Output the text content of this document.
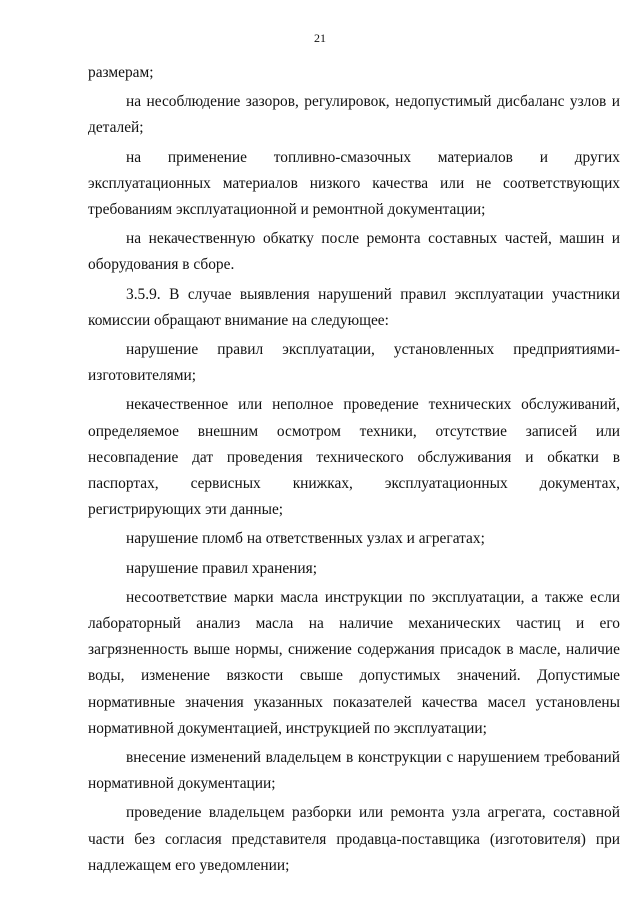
21

размерам;

на несоблюдение зазоров, регулировок, недопустимый дисбаланс узлов и деталей;

на применение топливно-смазочных материалов и других эксплуатационных материалов низкого качества или не соответствующих требованиям эксплуатационной и ремонтной документации;

на некачественную обкатку после ремонта составных частей, машин и оборудования в сборе.

3.5.9. В случае выявления нарушений правил эксплуатации участники комиссии обращают внимание на следующее:

нарушение правил эксплуатации, установленных предприятиями-изготовителями;

некачественное или неполное проведение технических обслуживаний, определяемое внешним осмотром техники, отсутствие записей или несовпадение дат проведения технического обслуживания и обкатки в паспортах, сервисных книжках, эксплуатационных документах, регистрирующих эти данные;

нарушение пломб на ответственных узлах и агрегатах;

нарушение правил хранения;

несоответствие марки масла инструкции по эксплуатации, а также если лабораторный анализ масла на наличие механических частиц и его загрязненность выше нормы, снижение содержания присадок в масле, наличие воды, изменение вязкости свыше допустимых значений. Допустимые нормативные значения указанных показателей качества масел установлены нормативной документацией, инструкцией по эксплуатации;

внесение изменений владельцем в конструкции с нарушением требований нормативной документации;

проведение владельцем разборки или ремонта узла агрегата, составной части без согласия представителя продавца-поставщика (изготовителя) при надлежащем его уведомлении;
